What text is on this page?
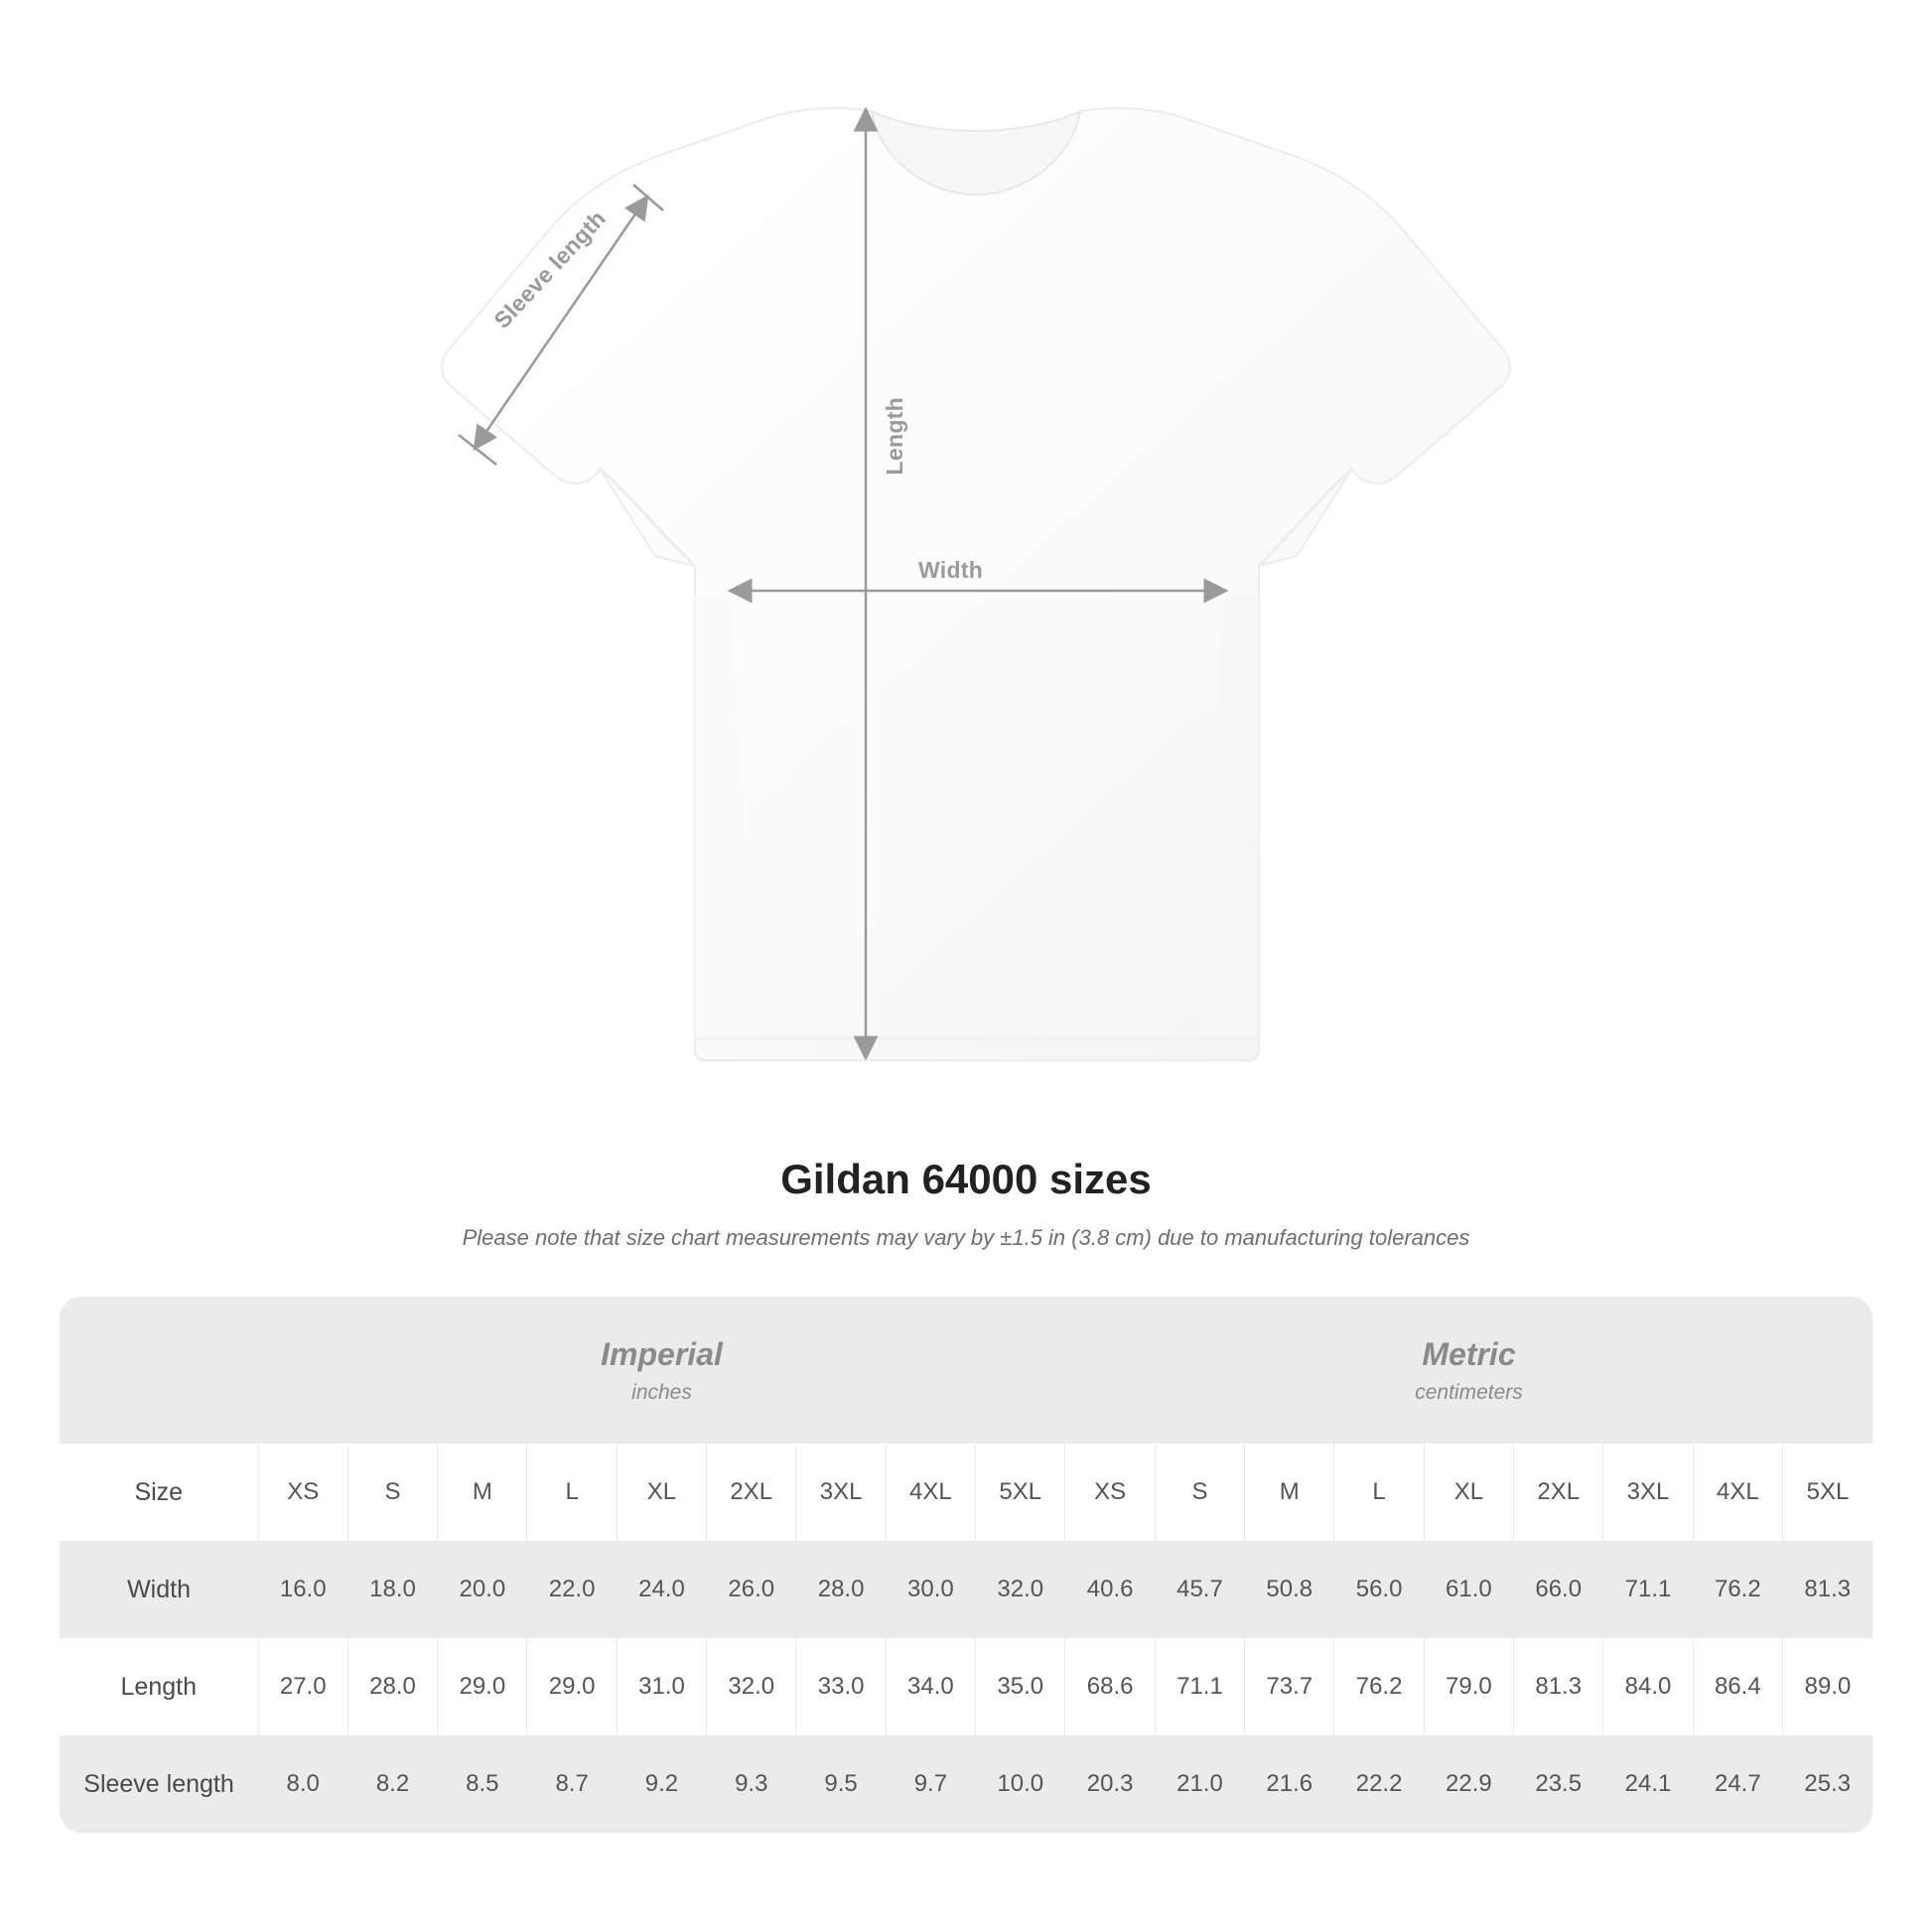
Length
Width
Sleeve length
Gildan 64000 sizes

Please note that size chart measurements may vary by ±1.5 in (3.8 cm) due to manufacturing tolerances

	Imperial
inches									Metric
centimeters								

Size	XS	S	M	L	XL	2XL	3XL	4XL	5XL	XS	S	M	L	XL	2XL	3XL	4XL	5XL
Width	16.0	18.0	20.0	22.0	24.0	26.0	28.0	30.0	32.0	40.6	45.7	50.8	56.0	61.0	66.0	71.1	76.2	81.3
Length	27.0	28.0	29.0	29.0	31.0	32.0	33.0	34.0	35.0	68.6	71.1	73.7	76.2	79.0	81.3	84.0	86.4	89.0
Sleeve length	8.0	8.2	8.5	8.7	9.2	9.3	9.5	9.7	10.0	20.3	21.0	21.6	22.2	22.9	23.5	24.1	24.7	25.3
